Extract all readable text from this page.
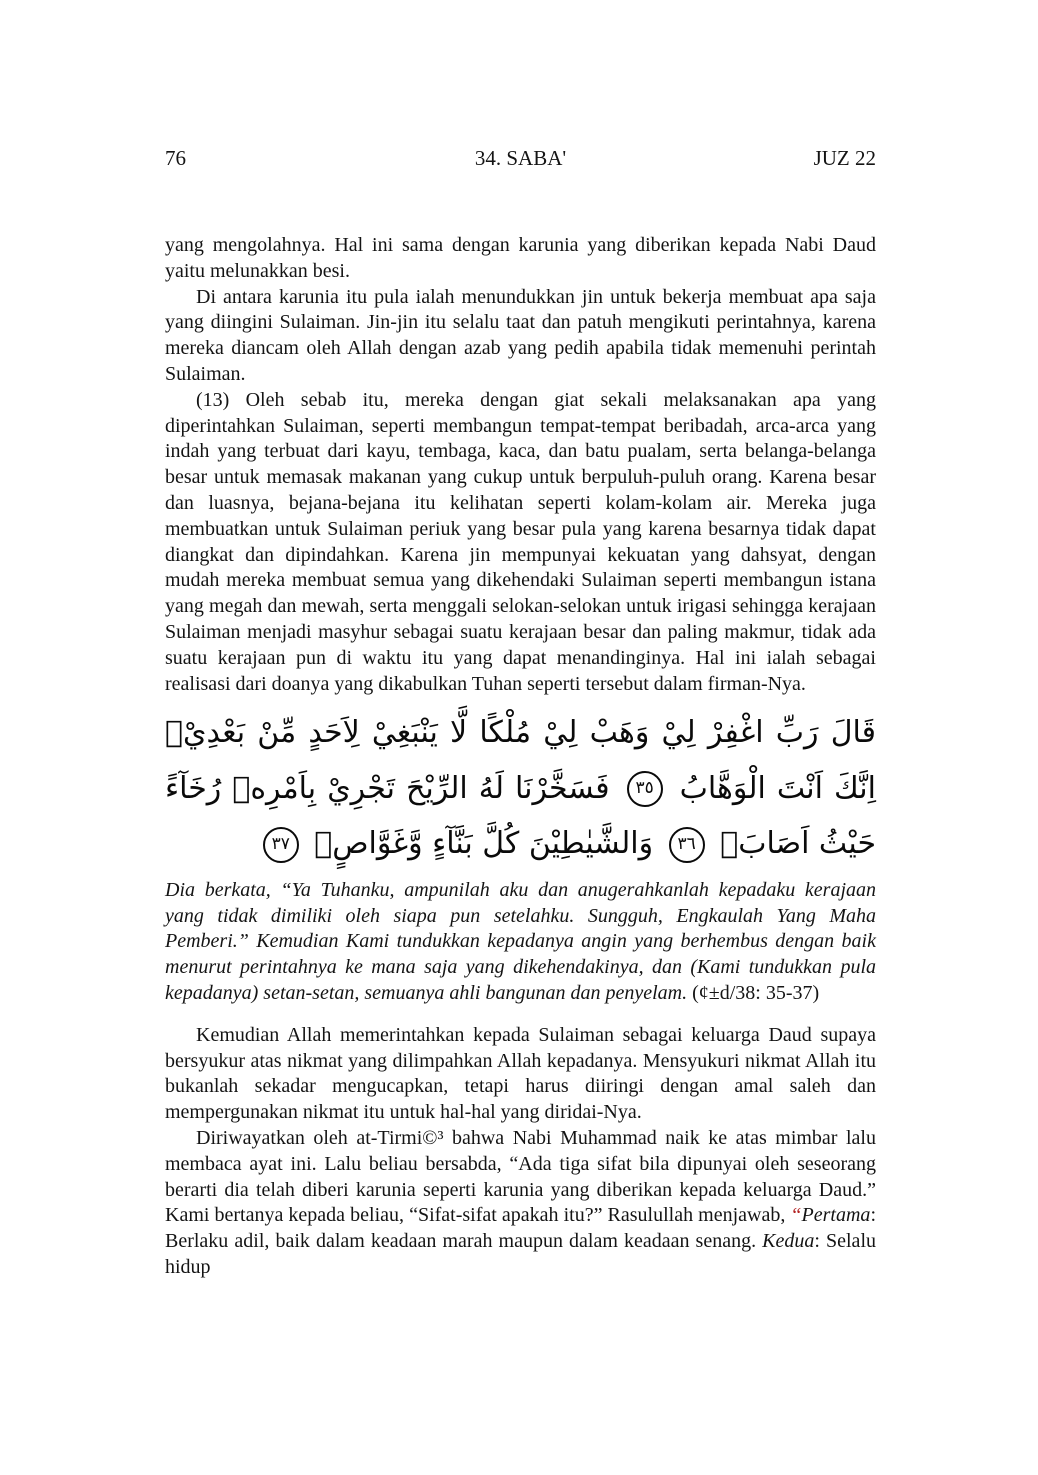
76	34. SABA'	JUZ 22

yang mengolahnya. Hal ini sama dengan karunia yang diberikan kepada Nabi Daud yaitu melunakkan besi.

Di antara karunia itu pula ialah menundukkan jin untuk bekerja membuat apa saja yang diingini Sulaiman. Jin-jin itu selalu taat dan patuh mengikuti perintahnya, karena mereka diancam oleh Allah dengan azab yang pedih apabila tidak memenuhi perintah Sulaiman.

(13) Oleh sebab itu, mereka dengan giat sekali melaksanakan apa yang diperintahkan Sulaiman, seperti membangun tempat-tempat beribadah, arca-arca yang indah yang terbuat dari kayu, tembaga, kaca, dan batu pualam, serta belanga-belanga besar untuk memasak makanan yang cukup untuk berpuluh-puluh orang. Karena besar dan luasnya, bejana-bejana itu kelihatan seperti kolam-kolam air. Mereka juga membuatkan untuk Sulaiman periuk yang besar pula yang karena besarnya tidak dapat diangkat dan dipindahkan. Karena jin mempunyai kekuatan yang dahsyat, dengan mudah mereka membuat semua yang dikehendaki Sulaiman seperti membangun istana yang megah dan mewah, serta menggali selokan-selokan untuk irigasi sehingga kerajaan Sulaiman menjadi masyhur sebagai suatu kerajaan besar dan paling makmur, tidak ada suatu kerajaan pun di waktu itu yang dapat menandinginya. Hal ini ialah sebagai realisasi dari doanya yang dikabulkan Tuhan seperti tersebut dalam firman-Nya.

قَالَ رَبِّ اغْفِرْ لِيْ وَهَبْ لِيْ مُلْكًا لَّا يَنْبَغِيْ لِاَحَدٍ مِّنْ بَعْدِيْۚ اِنَّكَ اَنْتَ الْوَهَّابُ ٣٥ فَسَخَّرْنَا لَهُ الرِّيْحَ تَجْرِيْ بِاَمْرِهٖ رُخَآءً حَيْثُ اَصَابَۙ ٣٦ وَالشَّيٰطِيْنَ كُلَّ بَنَّآءٍ وَّغَوَّاصٍۙ ٣٧

Dia berkata, “Ya Tuhanku, ampunilah aku dan anugerahkanlah kepadaku kerajaan yang tidak dimiliki oleh siapa pun setelahku. Sungguh, Engkaulah Yang Maha Pemberi.” Kemudian Kami tundukkan kepadanya angin yang berhembus dengan baik menurut perintahnya ke mana saja yang dikehendakinya, dan (Kami tundukkan pula kepadanya) setan-setan, semuanya ahli bangunan dan penyelam. (¢±d/38: 35-37)

Kemudian Allah memerintahkan kepada Sulaiman sebagai keluarga Daud supaya bersyukur atas nikmat yang dilimpahkan Allah kepadanya. Mensyukuri nikmat Allah itu bukanlah sekadar mengucapkan, tetapi harus diiringi dengan amal saleh dan mempergunakan nikmat itu untuk hal-hal yang diridai-Nya.

Diriwayatkan oleh at-Tirmi©³ bahwa Nabi Muhammad naik ke atas mimbar lalu membaca ayat ini. Lalu beliau bersabda, “Ada tiga sifat bila dipunyai oleh seseorang berarti dia telah diberi karunia seperti karunia yang diberikan kepada keluarga Daud.” Kami bertanya kepada beliau, “Sifat-sifat apakah itu?” Rasulullah menjawab, “Pertama: Berlaku adil, baik dalam keadaan marah maupun dalam keadaan senang. Kedua: Selalu hidup
